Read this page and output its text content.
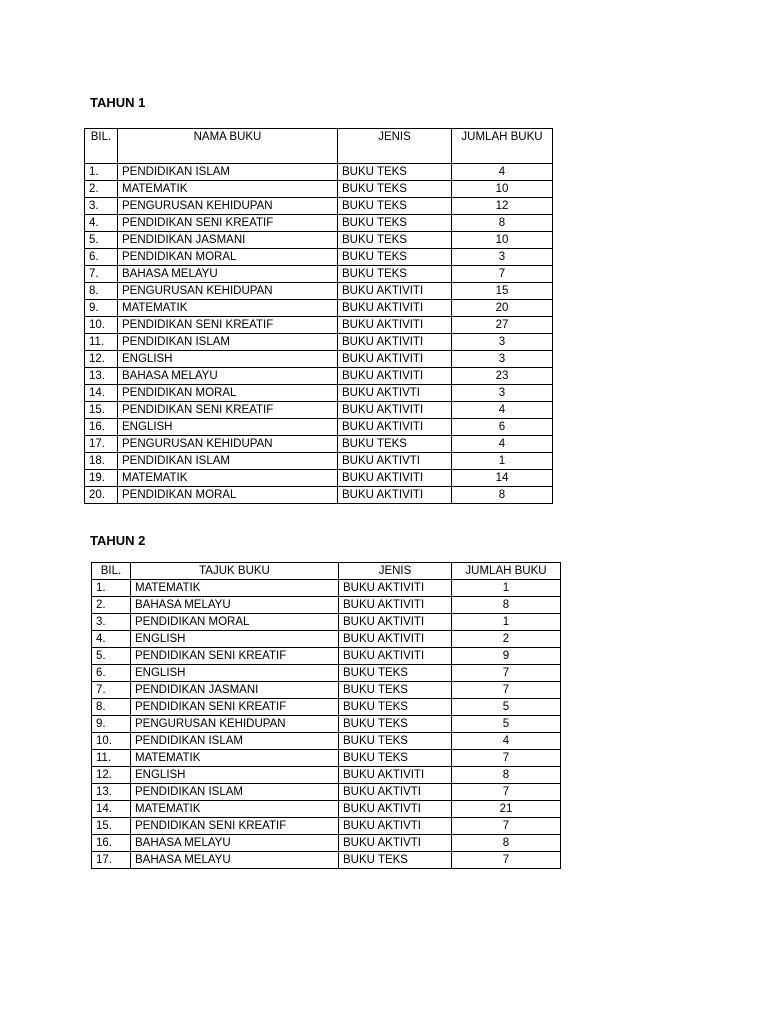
TAHUN 1
BIL.	NAMA BUKU	JENIS	JUMLAH BUKU
1.	PENDIDIKAN ISLAM	BUKU TEKS	4
2.	MATEMATIK	BUKU TEKS	10
3.	PENGURUSAN KEHIDUPAN	BUKU TEKS	12
4.	PENDIDIKAN SENI KREATIF	BUKU TEKS	8
5.	PENDIDIKAN JASMANI	BUKU TEKS	10
6.	PENDIDIKAN MORAL	BUKU TEKS	3
7.	BAHASA MELAYU	BUKU TEKS	7
8.	PENGURUSAN KEHIDUPAN	BUKU AKTIVITI	15
9.	MATEMATIK	BUKU AKTIVITI	20
10.	PENDIDIKAN SENI KREATIF	BUKU AKTIVITI	27
11.	PENDIDIKAN ISLAM	BUKU AKTIVITI	3
12.	ENGLISH	BUKU AKTIVITI	3
13.	BAHASA MELAYU	BUKU AKTIVITI	23
14.	PENDIDIKAN MORAL	BUKU AKTIVTI	3
15.	PENDIDIKAN SENI KREATIF	BUKU AKTIVITI	4
16.	ENGLISH	BUKU AKTIVITI	6
17.	PENGURUSAN KEHIDUPAN	BUKU TEKS	4
18.	PENDIDIKAN ISLAM	BUKU AKTIVTI	1
19.	MATEMATIK	BUKU AKTIVITI	14
20.	PENDIDIKAN MORAL	BUKU AKTIVITI	8
TAHUN 2
BIL.	TAJUK BUKU	JENIS	JUMLAH BUKU
1.	MATEMATIK	BUKU AKTIVITI	1
2.	BAHASA MELAYU	BUKU AKTIVITI	8
3.	PENDIDIKAN MORAL	BUKU AKTIVITI	1
4.	ENGLISH	BUKU AKTIVITI	2
5.	PENDIDIKAN SENI KREATIF	BUKU AKTIVITI	9
6.	ENGLISH	BUKU TEKS	7
7.	PENDIDIKAN JASMANI	BUKU TEKS	7
8.	PENDIDIKAN SENI KREATIF	BUKU TEKS	5
9.	PENGURUSAN KEHIDUPAN	BUKU TEKS	5
10.	PENDIDIKAN ISLAM	BUKU TEKS	4
11.	MATEMATIK	BUKU TEKS	7
12.	ENGLISH	BUKU AKTIVITI	8
13.	PENDIDIKAN ISLAM	BUKU AKTIVTI	7
14.	MATEMATIK	BUKU AKTIVTI	21
15.	PENDIDIKAN SENI KREATIF	BUKU AKTIVTI	7
16.	BAHASA MELAYU	BUKU AKTIVTI	8
17.	BAHASA MELAYU	BUKU TEKS	7
